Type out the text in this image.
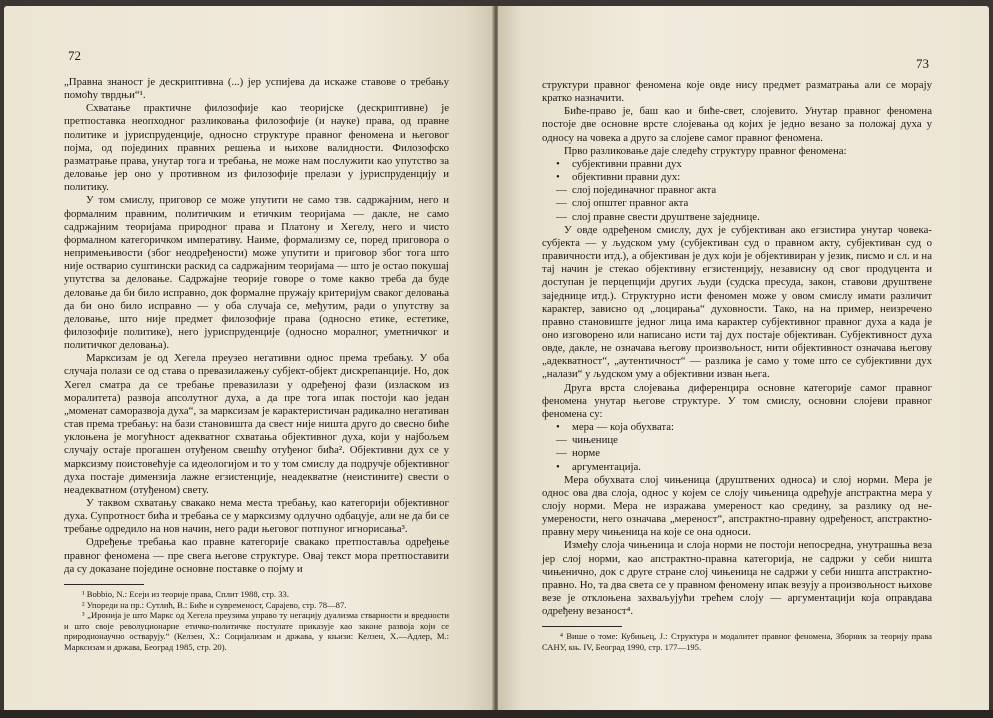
72

„Правна знаност је дескриптивна (...) јер успијева да искаже ставове о требању помоћу тврдњи“¹.

Схватање практичне филозофије као теоријске (дескриптивне) је претпоставка неопходног разликовања филозофије (и науке) права, од правне политике и јуриспруденције, односно структуре правног феномена и његовог појма, од појединих правних решења и њихове валидности. Филозофско разматрање права, унутар тога и требања, не може нам послужити као упутство за деловање јер оно у противном из филозофије прелази у јуриспруденцију и политику.

У том смислу, приговор се може упутити не само тзв. садржајним, него и формалним правним, политичким и етичким теоријама — дакле, не само садржајним теоријама природног права и Платону и Хегелу, него и чисто формалном категоричком императиву. Наиме, формализму се, поред приговора о непримењивости (због неодређености) може упутити и приговор због тога што није остварио суштински раскид са садржајним теоријама — што је остао покушај упутства за деловање. Садржајне теорије говоре о томе какво треба да буде деловање да би било исправно, док формалне пружају критеријум сваког деловања да би оно било исправно — у оба случаја се, међутим, ради о упутству за деловање, што није предмет филозофије права (односно етике, естетике, филозофије политике), него јуриспруденције (односно моралног, уметничког и политичког деловања).

Марксизам је од Хегела преузео негативни однос према требању. У оба случаја полази се од става о превазилажењу субјект-објект дискрепанције. Но, док Хегел сматра да се требање превазилази у одређеној фази (изласком из моралитета) развоја апсолутног духа, а да пре тога ипак постоји као један „моменат саморазвоја духа“, за марксизам је карактеристичан радикално негативан став према требању: на бази становишта да свест није ништа друго до свесно биће уклоњена је могућност адекватног схватања објективног духа, који у најбољем случају остаје прогашен отуђеном свешћу отуђеног бића². Објективни дух се у марксизму поистовећује са идеологијом и то у том смислу да подручје објективног духа постаје димензија лажне егзистенције, неадекватне (неистините) свести о неадекватном (отуђеном) свету.

У таквом схватању свакако нема места требању, као категорији објективног духа. Супротност бића и требања се у марксизму одлучно одбацује, али не да би се требање одредило на нов начин, него ради његовог потпуног игнорисања³.

Одређење требања као правне категорије свакако претпоставља одређење правног феномена — пре свега његове структуре. Овај текст мора претпоставити да су доказане поједине основне поставке о појму и

¹ Bobbio, N.: Есеји из теорије права, Сплит 1988, стр. 33.

² Упореди на пр.: Сутлић, В.: Биће и сувременост, Сарајево, стр. 78—87.

³ „Иронија је што Маркс од Хегела преузима управо ту негацију дуализма стварности и вредности и што своје револуционарне етичко-политичке постулате приказује као законе развоја који се природнонаучно остварују.“ (Келзен, Х.: Социјализам и држава, у књизи: Келзен, Х.—Адлер, М.: Марксизам и држава, Београд 1985, стр. 20).

73

структури правног феномена које овде нису предмет разматрања али се морају кратко назначити.

Биће-право је, баш као и биће-свет, слојевито. Унутар правног феномена постоје две основне врсте слојевања од којих је једно везано за положај духа у односу на човека а друго за слојеве самог правног феномена.

Прво разликовање даје следећу структуру правног феномена:

• субјективни правни дух
• објективни правни дух:
— слој појединачног правног акта
— слој општег правног акта
— слој правне свести друштвене заједнице.

У овде одређеном смислу, дух је субјективан ако егзистира унутар човека-субјекта — у људском уму (субјективан суд о правном акту, субјективан суд о правичности итд.), а објективан је дух који је објективиран у језик, писмо и сл. и на тај начин је стекао објективну егзистенцију, независну од свог продуцента и доступан је перцепцији других људи (судска пресуда, закон, ставови друштвене заједнице итд.). Структурно исти феномен може у овом смислу имати различит карактер, зависно од „лоцирања“ духовности. Тако, на на пример, неизречено правно становиште једног лица има карактер субјективног правног духа а када је оно изговорено или написано исти тај дух постаје објективан. Субјективност духа овде, дакле, не означава његову произвољност, нити објективност означава његову „адекватност“, „аутентичност“ — разлика је само у томе што се субјективни дух „налази“ у људском уму а објективни изван њега.

Друга врста слојевања диференцира основне категорије самог правног феномена унутар његове структуре. У том смислу, основни слојеви правног феномена су:

• мера — која обухвата:
— чињенице
— норме
• аргументација.

Мера обухвата слој чињеница (друштвених односа) и слој норми. Мера је однос ова два слоја, однос у којем се слоју чињеница одређује апстрактна мера у слоју норми. Мера не изражава умереност као средину, за разлику од не-умерености, него означава „мереност“, апстрактно-правну одређеност, апстрактно-правну меру чињеница на које се она односи.

Између слоја чињеница и слоја норми не постоји непосредна, унутрашња веза јер слој норми, као апстрактно-правна категорија, не садржи у себи ништа чињенично, док с друге стране слој чињеница не садржи у себи ништа апстрактно-правно. Но, та два света се у правном феномену ипак везују а произвољност њихове везе је отклоњена захваљујући трећем слоју — аргументацији која оправдава одређену везаност⁴.

⁴ Више о томе: Кубињец, Ј.: Структура и модалитет правног феномена, Зборник за теорију права САНУ, књ. IV, Београд 1990, стр. 177—195.
